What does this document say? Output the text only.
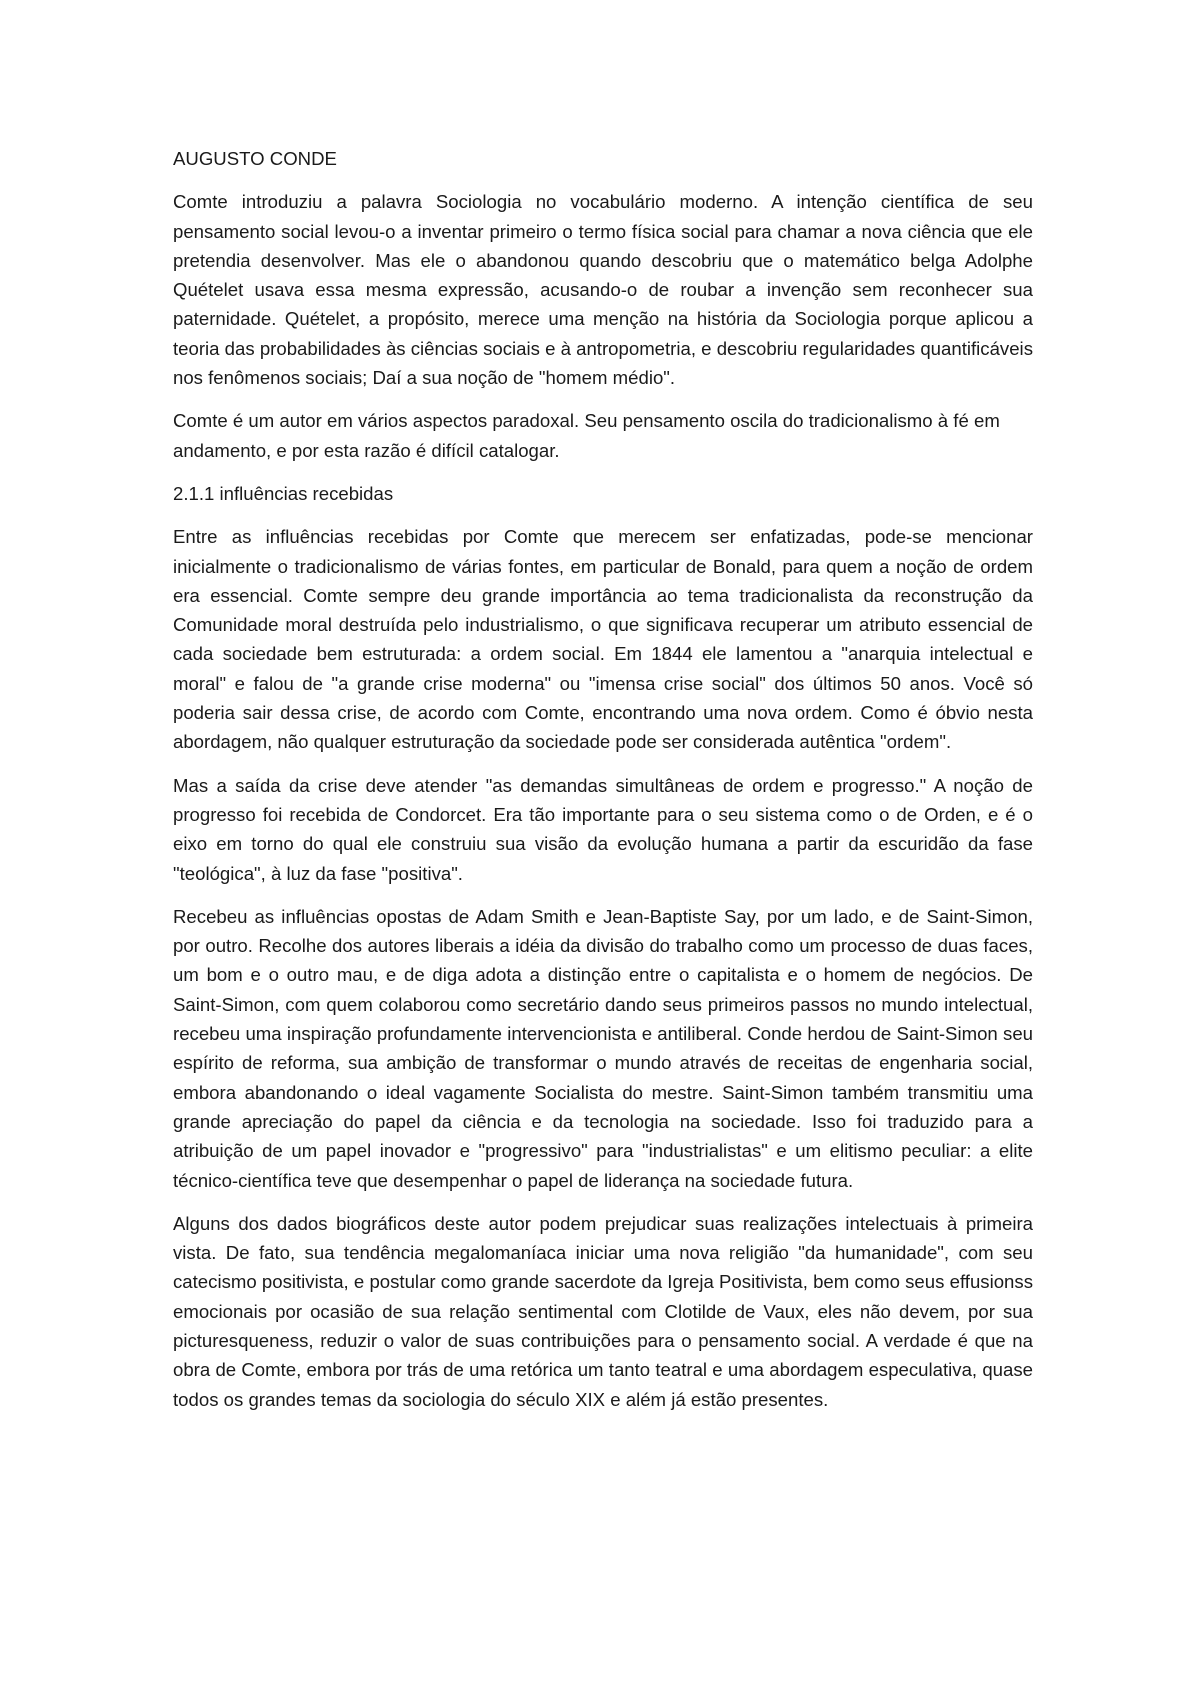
AUGUSTO CONDE

Comte introduziu a palavra Sociologia no vocabulário moderno. A intenção científica de seu pensamento social levou-o a inventar primeiro o termo física social para chamar a nova ciência que ele pretendia desenvolver. Mas ele o abandonou quando descobriu que o matemático belga Adolphe Quételet usava essa mesma expressão, acusando-o de roubar a invenção sem reconhecer sua paternidade. Quételet, a propósito, merece uma menção na história da Sociologia porque aplicou a teoria das probabilidades às ciências sociais e à antropometria, e descobriu regularidades quantificáveis nos fenômenos sociais; Daí a sua noção de "homem médio".

Comte é um autor em vários aspectos paradoxal. Seu pensamento oscila do tradicionalismo à fé em andamento, e por esta razão é difícil catalogar.

2.1.1 influências recebidas

Entre as influências recebidas por Comte que merecem ser enfatizadas, pode-se mencionar inicialmente o tradicionalismo de várias fontes, em particular de Bonald, para quem a noção de ordem era essencial. Comte sempre deu grande importância ao tema tradicionalista da reconstrução da Comunidade moral destruída pelo industrialismo, o que significava recuperar um atributo essencial de cada sociedade bem estruturada: a ordem social. Em 1844 ele lamentou a "anarquia intelectual e moral" e falou de "a grande crise moderna" ou "imensa crise social" dos últimos 50 anos. Você só poderia sair dessa crise, de acordo com Comte, encontrando uma nova ordem. Como é óbvio nesta abordagem, não qualquer estruturação da sociedade pode ser considerada autêntica "ordem".

Mas a saída da crise deve atender "as demandas simultâneas de ordem e progresso." A noção de progresso foi recebida de Condorcet. Era tão importante para o seu sistema como o de Orden, e é o eixo em torno do qual ele construiu sua visão da evolução humana a partir da escuridão da fase "teológica", à luz da fase "positiva".

Recebeu as influências opostas de Adam Smith e Jean-Baptiste Say, por um lado, e de Saint-Simon, por outro. Recolhe dos autores liberais a idéia da divisão do trabalho como um processo de duas faces, um bom e o outro mau, e de diga adota a distinção entre o capitalista e o homem de negócios. De Saint-Simon, com quem colaborou como secretário dando seus primeiros passos no mundo intelectual, recebeu uma inspiração profundamente intervencionista e antiliberal. Conde herdou de Saint-Simon seu espírito de reforma, sua ambição de transformar o mundo através de receitas de engenharia social, embora abandonando o ideal vagamente Socialista do mestre. Saint-Simon também transmitiu uma grande apreciação do papel da ciência e da tecnologia na sociedade. Isso foi traduzido para a atribuição de um papel inovador e "progressivo" para "industrialistas" e um elitismo peculiar: a elite técnico-científica teve que desempenhar o papel de liderança na sociedade futura.

Alguns dos dados biográficos deste autor podem prejudicar suas realizações intelectuais à primeira vista. De fato, sua tendência megalomaníaca iniciar uma nova religião "da humanidade", com seu catecismo positivista, e postular como grande sacerdote da Igreja Positivista, bem como seus effusionss emocionais por ocasião de sua relação sentimental com Clotilde de Vaux, eles não devem, por sua picturesqueness, reduzir o valor de suas contribuições para o pensamento social. A verdade é que na obra de Comte, embora por trás de uma retórica um tanto teatral e uma abordagem especulativa, quase todos os grandes temas da sociologia do século XIX e além já estão presentes.
